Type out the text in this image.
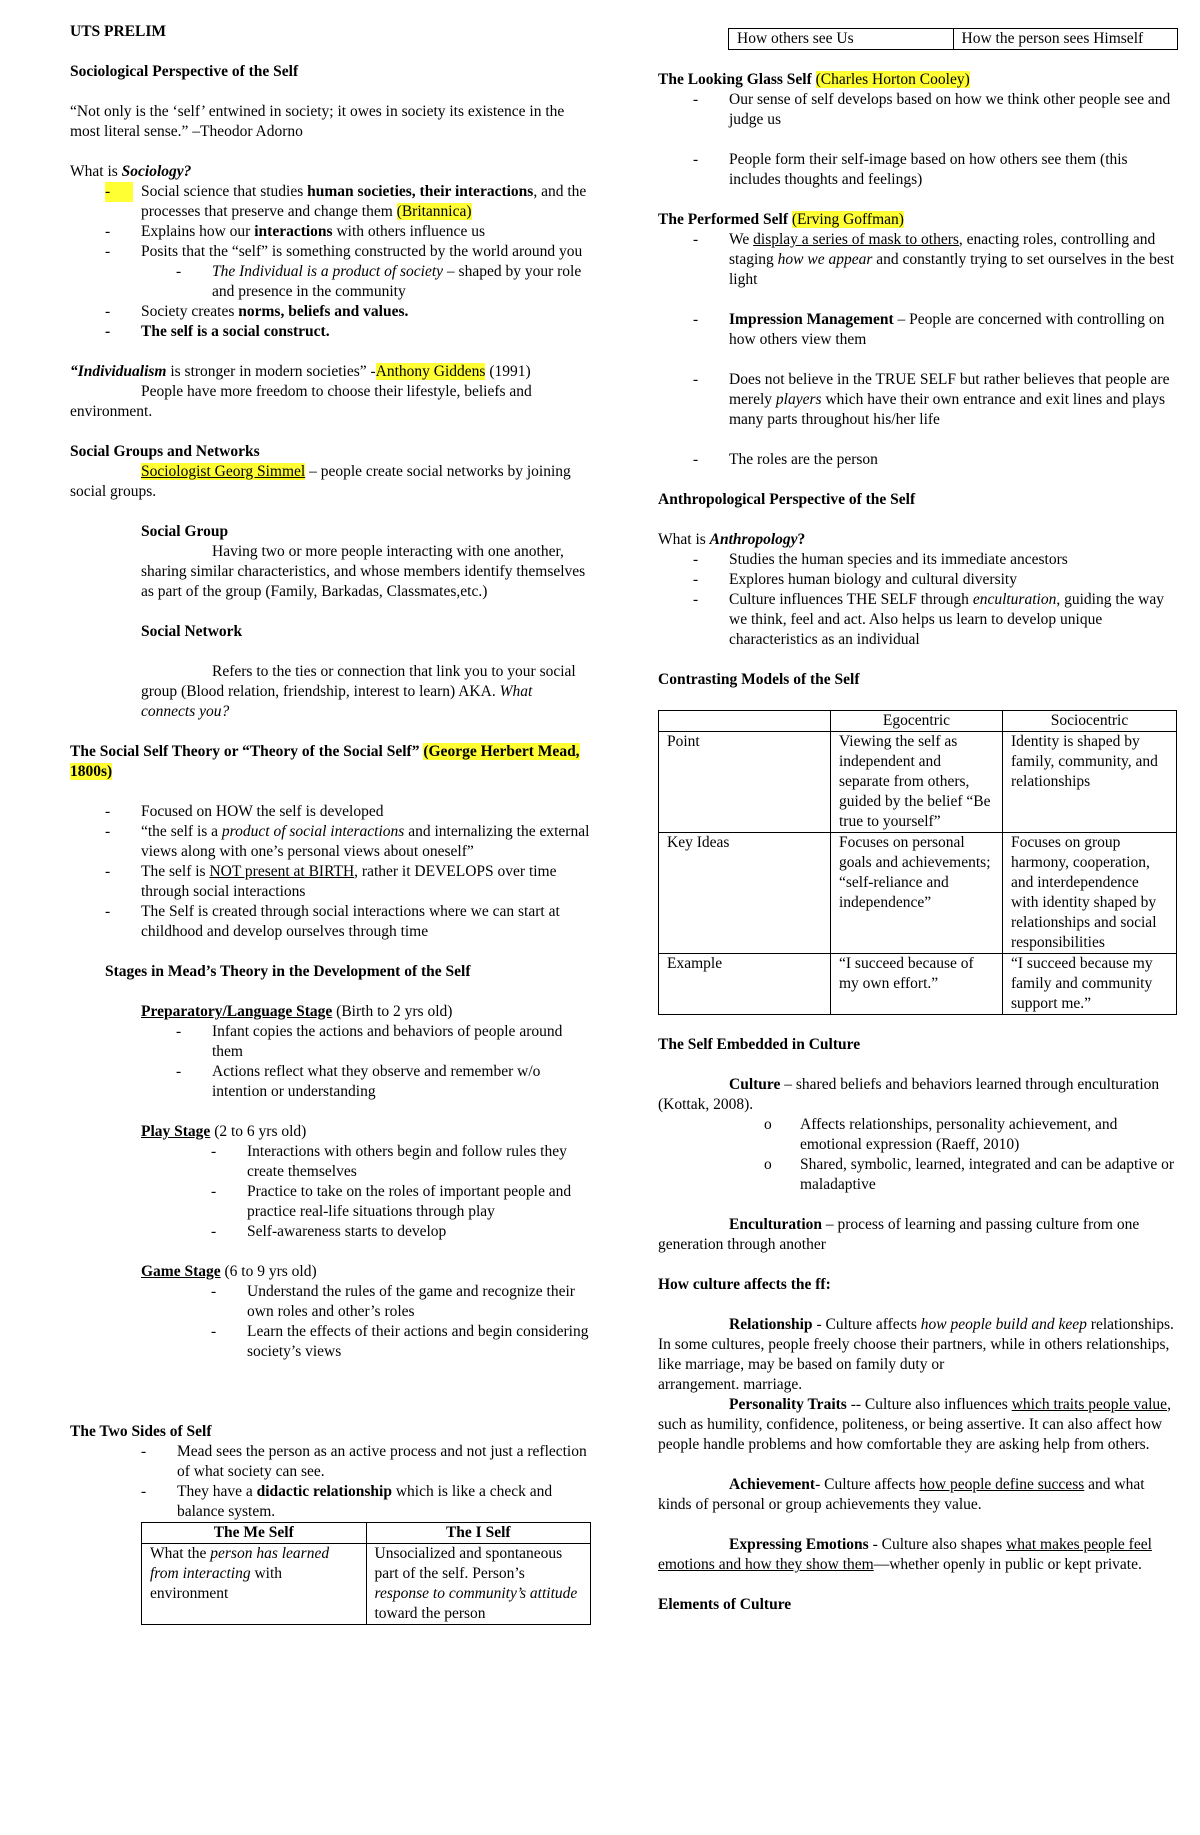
UTS PRELIM

Sociological Perspective of the Self

“Not only is the ‘self’ entwined in society; it owes in society its existence in the most literal sense.” –Theodor Adorno

What is Sociology?

- Social science that studies human societies, their interactions, and the processes that preserve and change them (Britannica)
- Explains how our interactions with others influence us
- Posits that the “self” is something constructed by the world around you
- The Individual is a product of society – shaped by your role and presence in the community
- Society creates norms, beliefs and values.
- The self is a social construct.

“Individualism is stronger in modern societies” -Anthony Giddens (1991)

People have more freedom to choose their lifestyle, beliefs and environment.

Social Groups and Networks

Sociologist Georg Simmel – people create social networks by joining social groups.

Social Group

Having two or more people interacting with one another, sharing similar characteristics, and whose members identify themselves as part of the group (Family, Barkadas, Classmates,etc.)

Social Network

Refers to the ties or connection that link you to your social group (Blood relation, friendship, interest to learn) AKA. What connects you?

The Social Self Theory or “Theory of the Social Self” (George Herbert Mead, 1800s)

- Focused on HOW the self is developed
- “the self is a product of social interactions and internalizing the external views along with one’s personal views about oneself”
- The self is NOT present at BIRTH, rather it DEVELOPS over time through social interactions
- The Self is created through social interactions where we can start at childhood and develop ourselves through time

Stages in Mead’s Theory in the Development of the Self

Preparatory/Language Stage (Birth to 2 yrs old)

- Infant copies the actions and behaviors of people around them
- Actions reflect what they observe and remember w/o intention or understanding

Play Stage (2 to 6 yrs old)

- Interactions with others begin and follow rules they create themselves
- Practice to take on the roles of important people and practice real-life situations through play
- Self-awareness starts to develop

Game Stage (6 to 9 yrs old)

- Understand the rules of the game and recognize their own roles and other’s roles
- Learn the effects of their actions and begin considering society’s views

The Two Sides of Self

- Mead sees the person as an active process and not just a reflection of what society can see.
- They have a didactic relationship which is like a check and balance system.
The Me Self	The I Self
What the person has learned from interacting with environment	Unsocialized and spontaneous part of the self. Person’s response to community’s attitude toward the person
How others see Us	How the person sees Himself

The Looking Glass Self (Charles Horton Cooley)

- Our sense of self develops based on how we think other people see and judge us
- People form their self-image based on how others see them (this includes thoughts and feelings)

The Performed Self (Erving Goffman)

- We display a series of mask to others, enacting roles, controlling and staging how we appear and constantly trying to set ourselves in the best light
- Impression Management – People are concerned with controlling on how others view them
- Does not believe in the TRUE SELF but rather believes that people are merely players which have their own entrance and exit lines and plays many parts throughout his/her life
- The roles are the person

Anthropological Perspective of the Self

What is Anthropology?

- Studies the human species and its immediate ancestors
- Explores human biology and cultural diversity
- Culture influences THE SELF through enculturation, guiding the way we think, feel and act. Also helps us learn to develop unique characteristics as an individual

Contrasting Models of the Self

	Egocentric	Sociocentric
Point	Viewing the self as independent and separate from others, guided by the belief “Be true to yourself”	Identity is shaped by family, community, and relationships
Key Ideas	Focuses on personal goals and achievements; “self-reliance and independence”	Focuses on group harmony, cooperation, and interdependence with identity shaped by relationships and social responsibilities
Example	“I succeed because of my own effort.”	“I succeed because my family and community support me.”

The Self Embedded in Culture

Culture – shared beliefs and behaviors learned through enculturation (Kottak, 2008).

o Affects relationships, personality achievement, and emotional expression (Raeff, 2010)
o Shared, symbolic, learned, integrated and can be adaptive or maladaptive

Enculturation – process of learning and passing culture from one generation through another

How culture affects the ff:

Relationship - Culture affects how people build and keep relationships. In some cultures, people freely choose their partners, while in others relationships, like marriage, may be based on family duty or

arrangement. marriage.

Personality Traits -- Culture also influences which traits people value, such as humility, confidence, politeness, or being assertive. It can also affect how people handle problems and how comfortable they are asking help from others.

Achievement- Culture affects how people define success and what kinds of personal or group achievements they value.

Expressing Emotions - Culture also shapes what makes people feel emotions and how they show them—whether openly in public or kept private.

Elements of Culture
